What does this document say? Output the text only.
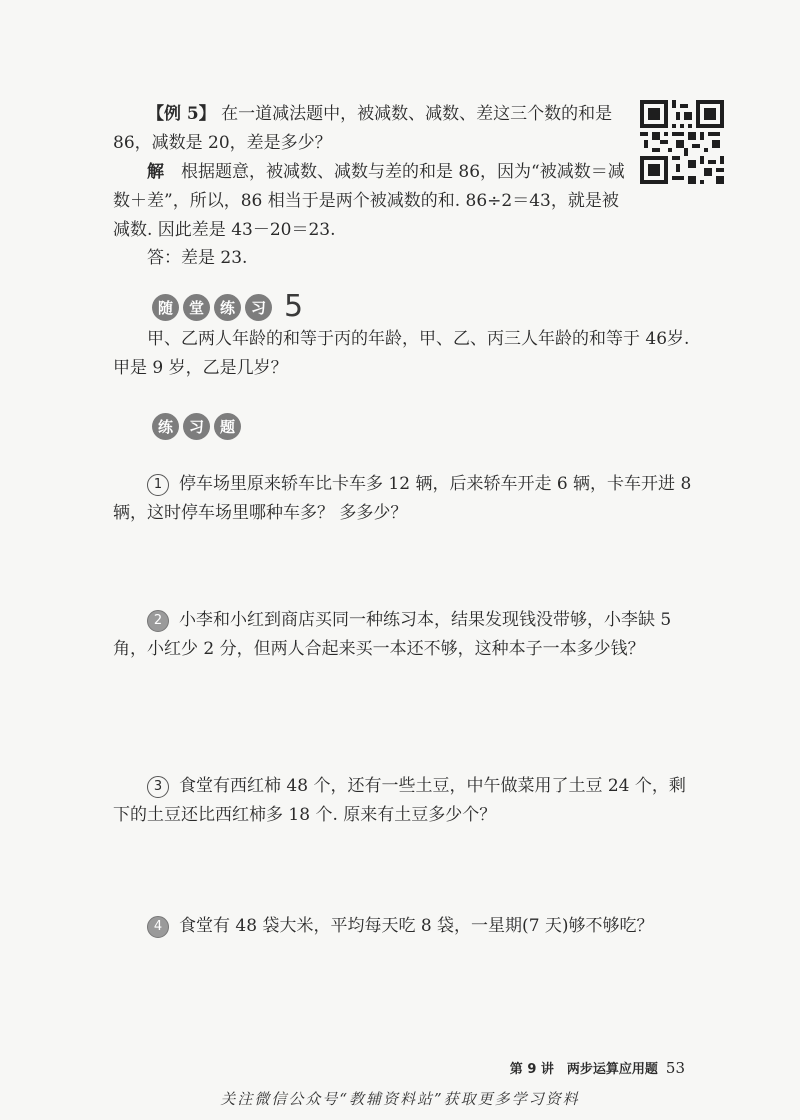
【例 5】 在一道减法题中，被减数、减数、差这三个数的和是86，减数是 20，差是多少？
解　 根据题意，被减数、减数与差的和是 86，因为“被减数＝减数＋差”，所以，86 相当于是两个被减数的和. 86÷2＝43，就是被减数. 因此差是 43－20＝23.
答：差是 23.
随	堂	练	习 5
甲、乙两人年龄的和等于丙的年龄，甲、乙、丙三人年龄的和等于 46岁. 甲是 9 岁，乙是几岁？
练	习	题
1 停车场里原来轿车比卡车多 12 辆，后来轿车开走 6 辆，卡车开进 8 辆，这时停车场里哪种车多？ 多多少？
2 小李和小红到商店买同一种练习本，结果发现钱没带够，小李缺 5 角，小红少 2 分，但两人合起来买一本还不够，这种本子一本多少钱？
3 食堂有西红柿 48 个，还有一些土豆，中午做菜用了土豆 24 个，剩下的土豆还比西红柿多 18 个. 原来有土豆多少个？
4 食堂有 48 袋大米，平均每天吃 8 袋，一星期(7 天)够不够吃？
第 9 讲　两步运算应用题 53
关注微信公众号“教辅资料站”获取更多学习资料
